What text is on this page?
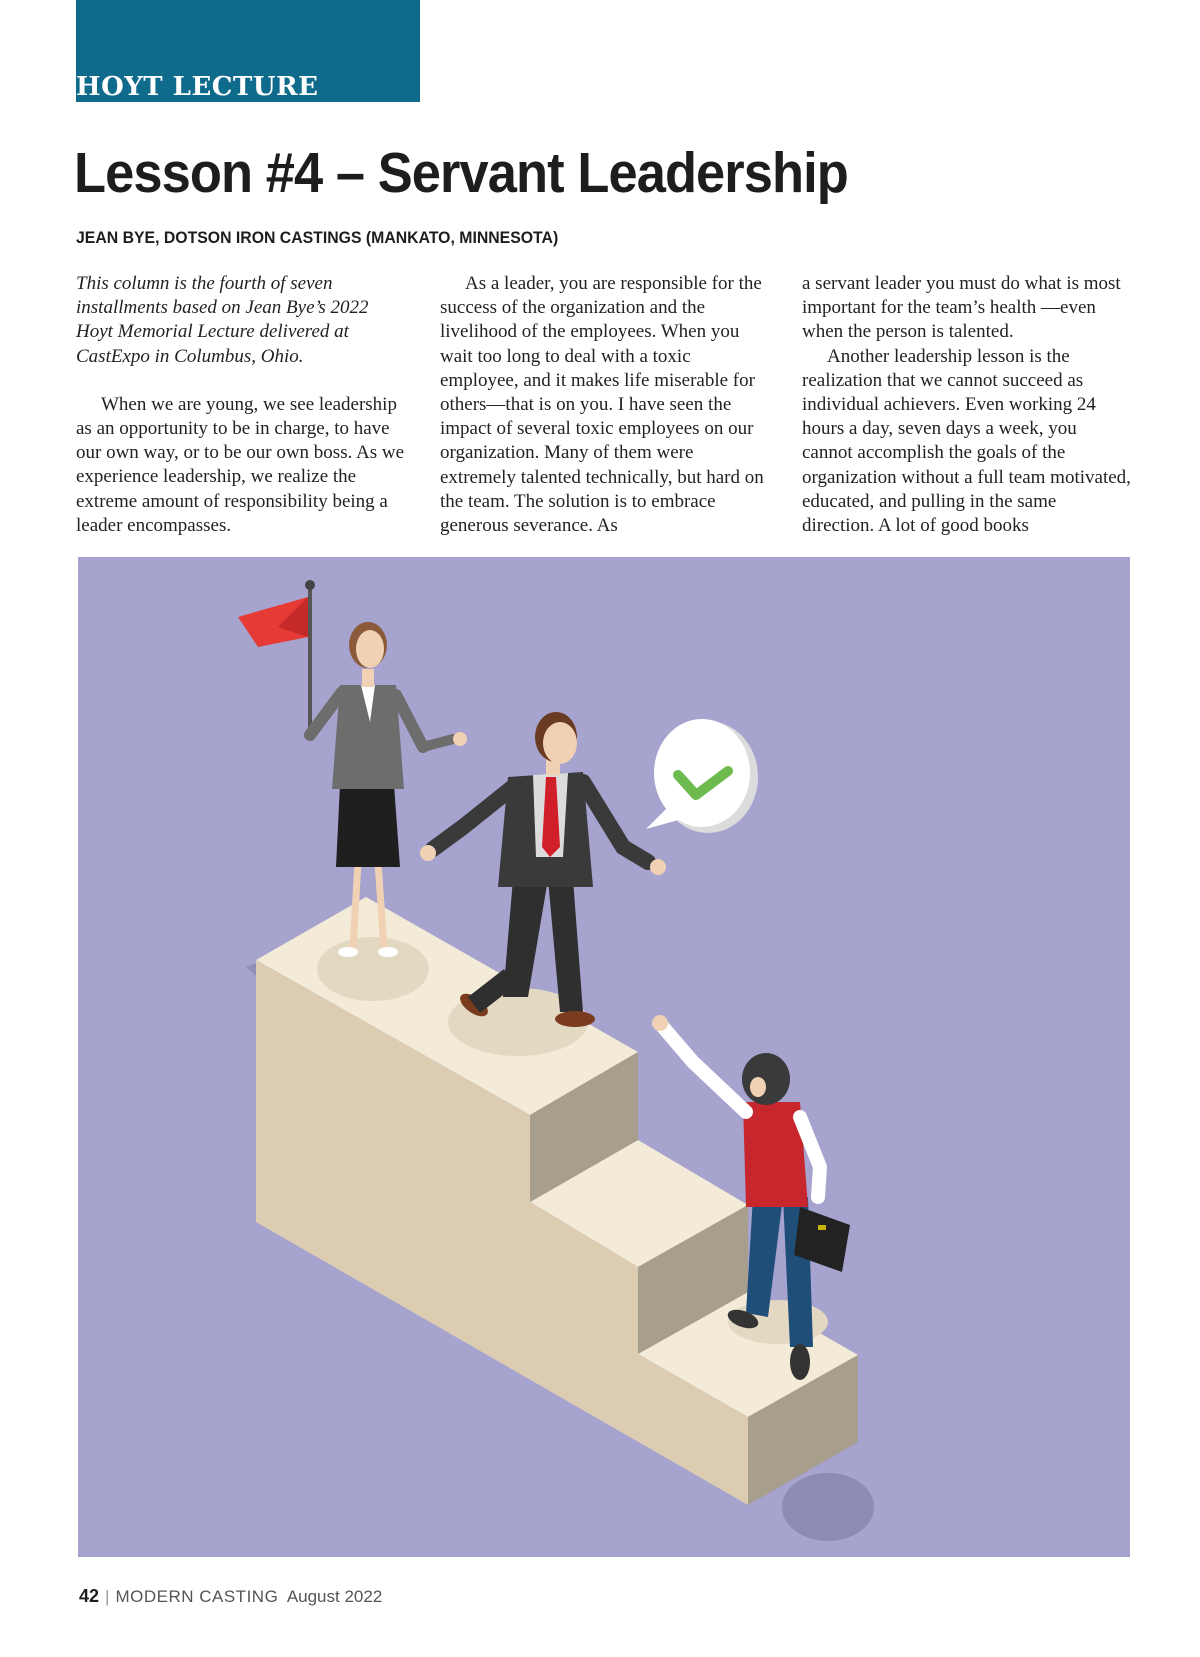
HOYT LECTURE

Lesson #4 – Servant Leadership

JEAN BYE, DOTSON IRON CASTINGS (MANKATO, MINNESOTA)

This column is the fourth of seven installments based on Jean Bye’s 2022 Hoyt Memorial Lecture delivered at CastExpo in Columbus, Ohio.

When we are young, we see leadership as an opportunity to be in charge, to have our own way, or to be our own boss. As we experience leadership, we realize the extreme amount of responsibility being a leader encompasses.

As a leader, you are responsible for the success of the organization and the livelihood of the employees. When you wait too long to deal with a toxic employee, and it makes life miserable for others—that is on you. I have seen the impact of several toxic employees on our organization. Many of them were extremely talented technically, but hard on the team. The solution is to embrace generous severance. As

a servant leader you must do what is most important for the team’s health —even when the person is talented.

Another leadership lesson is the realization that we cannot succeed as individual achievers. Even working 24 hours a day, seven days a week, you cannot accomplish the goals of the organization without a full team motivated, educated, and pulling in the same direction. A lot of good books

42 | MODERN CASTING August 2022
